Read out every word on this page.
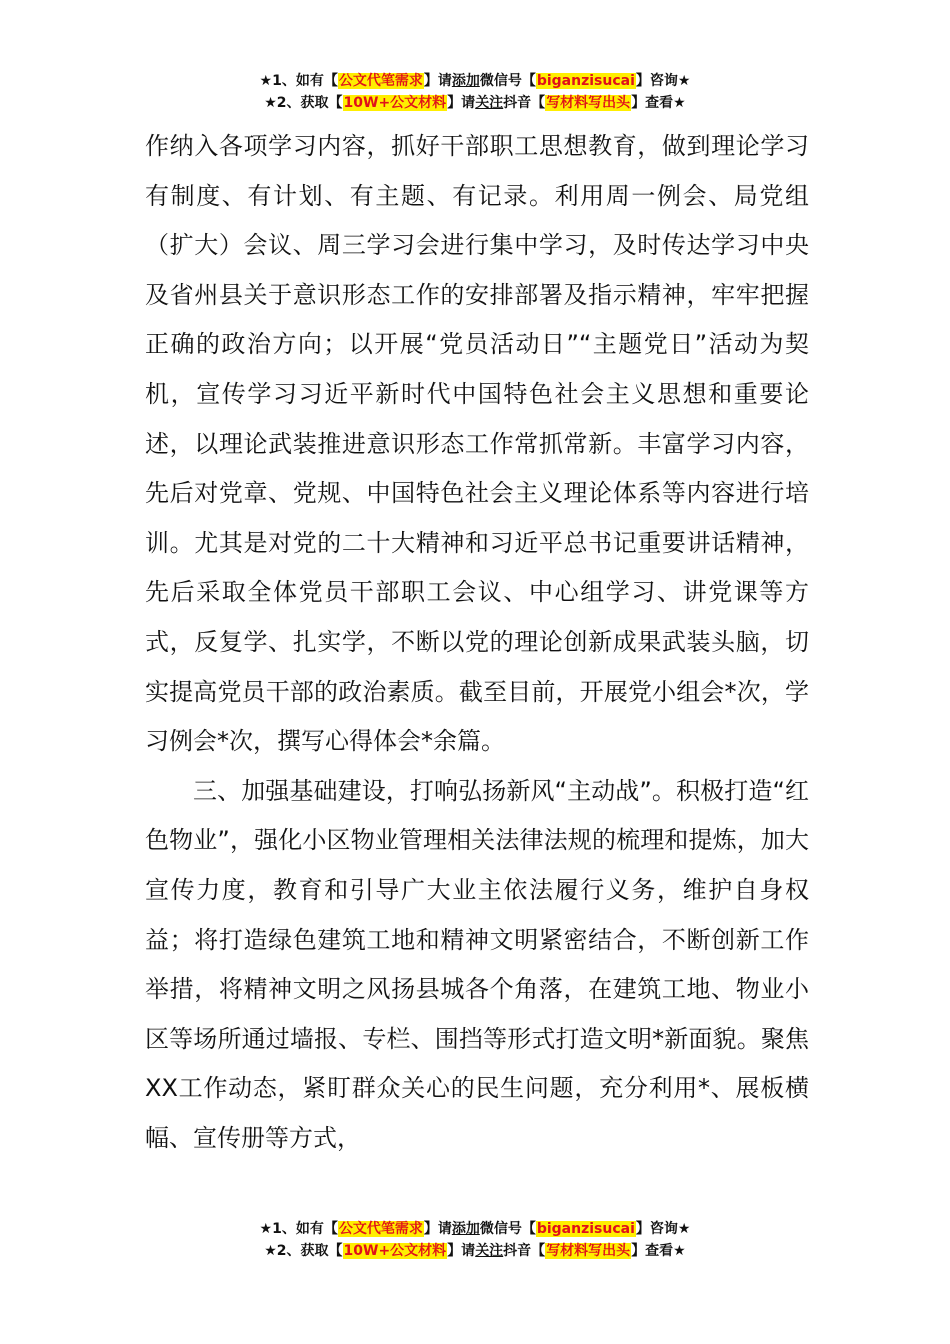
★1、如有【公文代笔需求】请添加微信号【biganzisucai】咨询★
★2、获取【10W+公文材料】请关注抖音【写材料写出头】查看★

作纳入各项学习内容，抓好干部职工思想教育，做到理论学习有制度、有计划、有主题、有记录。利用周一例会、局党组（扩大）会议、周三学习会进行集中学习，及时传达学习中央及省州县关于意识形态工作的安排部署及指示精神，牢牢把握正确的政治方向；以开展“党员活动日”“主题党日”活动为契机，宣传学习习近平新时代中国特色社会主义思想和重要论述，以理论武装推进意识形态工作常抓常新。丰富学习内容，先后对党章、党规、中国特色社会主义理论体系等内容进行培训。尤其是对党的二十大精神和习近平总书记重要讲话精神，先后采取全体党员干部职工会议、中心组学习、讲党课等方式，反复学、扎实学，不断以党的理论创新成果武装头脑，切实提高党员干部的政治素质。截至目前，开展党小组会*次，学习例会*次，撰写心得体会*余篇。

三、加强基础建设，打响弘扬新风“主动战”。积极打造“红色物业”，强化小区物业管理相关法律法规的梳理和提炼，加大宣传力度，教育和引导广大业主依法履行义务，维护自身权益；将打造绿色建筑工地和精神文明紧密结合，不断创新工作举措，将精神文明之风扬县城各个角落，在建筑工地、物业小区等场所通过墙报、专栏、围挡等形式打造文明*新面貌。聚焦XX工作动态，紧盯群众关心的民生问题，充分利用*、展板横幅、宣传册等方式，

★1、如有【公文代笔需求】请添加微信号【biganzisucai】咨询★
★2、获取【10W+公文材料】请关注抖音【写材料写出头】查看★
